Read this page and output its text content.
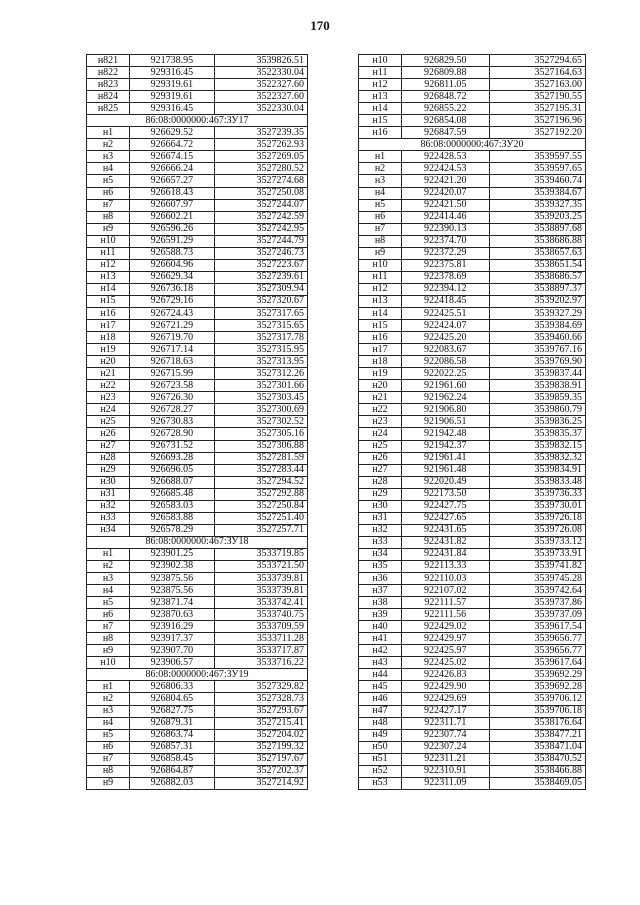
170
н821	921738.95	3539826.51
н822	929316.45	3522330.04
н823	929319.61	3522327.60
н824	929319.61	3522327.60
н825	929316.45	3522330.04
86:08:0000000:467:ЗУ17		
н1	926629.52	3527239.35
н2	926664.72	3527262.93
н3	926674.15	3527269.05
н4	926666.24	3527280.52
н5	926657.27	3527274.68
н6	926618.43	3527250.08
н7	926607.97	3527244.07
н8	926602.21	3527242.59
н9	926596.26	3527242.95
н10	926591.29	3527244.79
н11	926588.73	3527246.73
н12	926604.96	3527223.67
н13	926629.34	3527239.61
н14	926736.18	3527309.94
н15	926729.16	3527320.67
н16	926724.43	3527317.65
н17	926721.29	3527315.65
н18	926719.70	3527317.78
н19	926717.14	3527315.95
н20	926718.63	3527313.95
н21	926715.99	3527312.26
н22	926723.58	3527301.66
н23	926726.30	3527303.45
н24	926728.27	3527300.69
н25	926730.83	3527302.52
н26	926728.90	3527305.16
н27	926731.52	3527306.88
н28	926693.28	3527281.59
н29	926696.05	3527283.44
н30	926688.07	3527294.52
н31	926685.48	3527292.88
н32	926583.03	3527250.84
н33	926583.88	3527251.40
н34	926578.29	3527257.71
86:08:0000000:467:ЗУ18		
н1	923901.25	3533719.85
н2	923902.38	3533721.50
н3	923875.56	3533739.81
н4	923875.56	3533739.81
н5	923871.74	3533742.41
н6	923870.63	3533740.75
н7	923916.29	3533709.59
н8	923917.37	3533711.28
н9	923907.70	3533717.87
н10	923906.57	3533716.22
86:08:0000000:467:ЗУ19		
н1	926806.33	3527329.82
н2	926804.65	3527328.73
н3	926827.75	3527293.67
н4	926879.31	3527215.41
н5	926863.74	3527204.02
н6	926857.31	3527199.32
н7	926858.45	3527197.67
н8	926864.87	3527202.37
н9	926882.03	3527214.92
н10	926829.50	3527294.65
н11	926809.88	3527164.63
н12	926811.05	3527163.00
н13	926848.72	3527190.55
н14	926855.22	3527195.31
н15	926854.08	3527196.96
н16	926847.59	3527192.20
86:08:0000000:467:ЗУ20		
н1	922428.53	3539597.55
н2	922424.53	3539597.65
н3	922421.20	3539460.74
н4	922420.07	3539384.67
н5	922421.50	3539327.35
н6	922414.46	3539203.25
н7	922390.13	3538897.68
н8	922374.70	3538686.88
н9	922372.29	3538657.63
н10	922375.81	3538651.54
н11	922378.69	3538686.57
н12	922394.12	3538897.37
н13	922418.45	3539202.97
н14	922425.51	3539327.29
н15	922424.07	3539384.69
н16	922425.20	3539460.66
н17	922083.67	3539767.16
н18	922086.58	3539769.90
н19	922022.25	3539837.44
н20	921961.60	3539838.91
н21	921962.24	3539859.35
н22	921906.80	3539860.79
н23	921906.51	3539836.25
н24	921942.48	3539835.37
н25	921942.37	3539832.15
н26	921961.41	3539832.32
н27	921961.48	3539834.91
н28	922020.49	3539833.48
н29	922173.50	3539736.33
н30	922427.75	3539730.01
н31	922427.65	3539726.18
н32	922431.65	3539726.08
н33	922431.82	3539733.12
н34	922431.84	3539733.91
н35	922113.33	3539741.82
н36	922110.03	3539745.28
н37	922107.02	3539742.64
н38	922111.57	3539737.86
н39	922111.56	3539737.09
н40	922429.02	3539617.54
н41	922429.97	3539656.77
н42	922425.97	3539656.77
н43	922425.02	3539617.64
н44	922426.83	3539692.29
н45	922429.90	3539692.28
н46	922429.69	3539706.12
н47	922427.17	3539706.18
н48	922311.71	3538176.64
н49	922307.74	3538477.21
н50	922307.24	3538471.04
н51	922311.21	3538470.52
н52	922310.91	3538466.88
н53	922311.09	3538469.05
